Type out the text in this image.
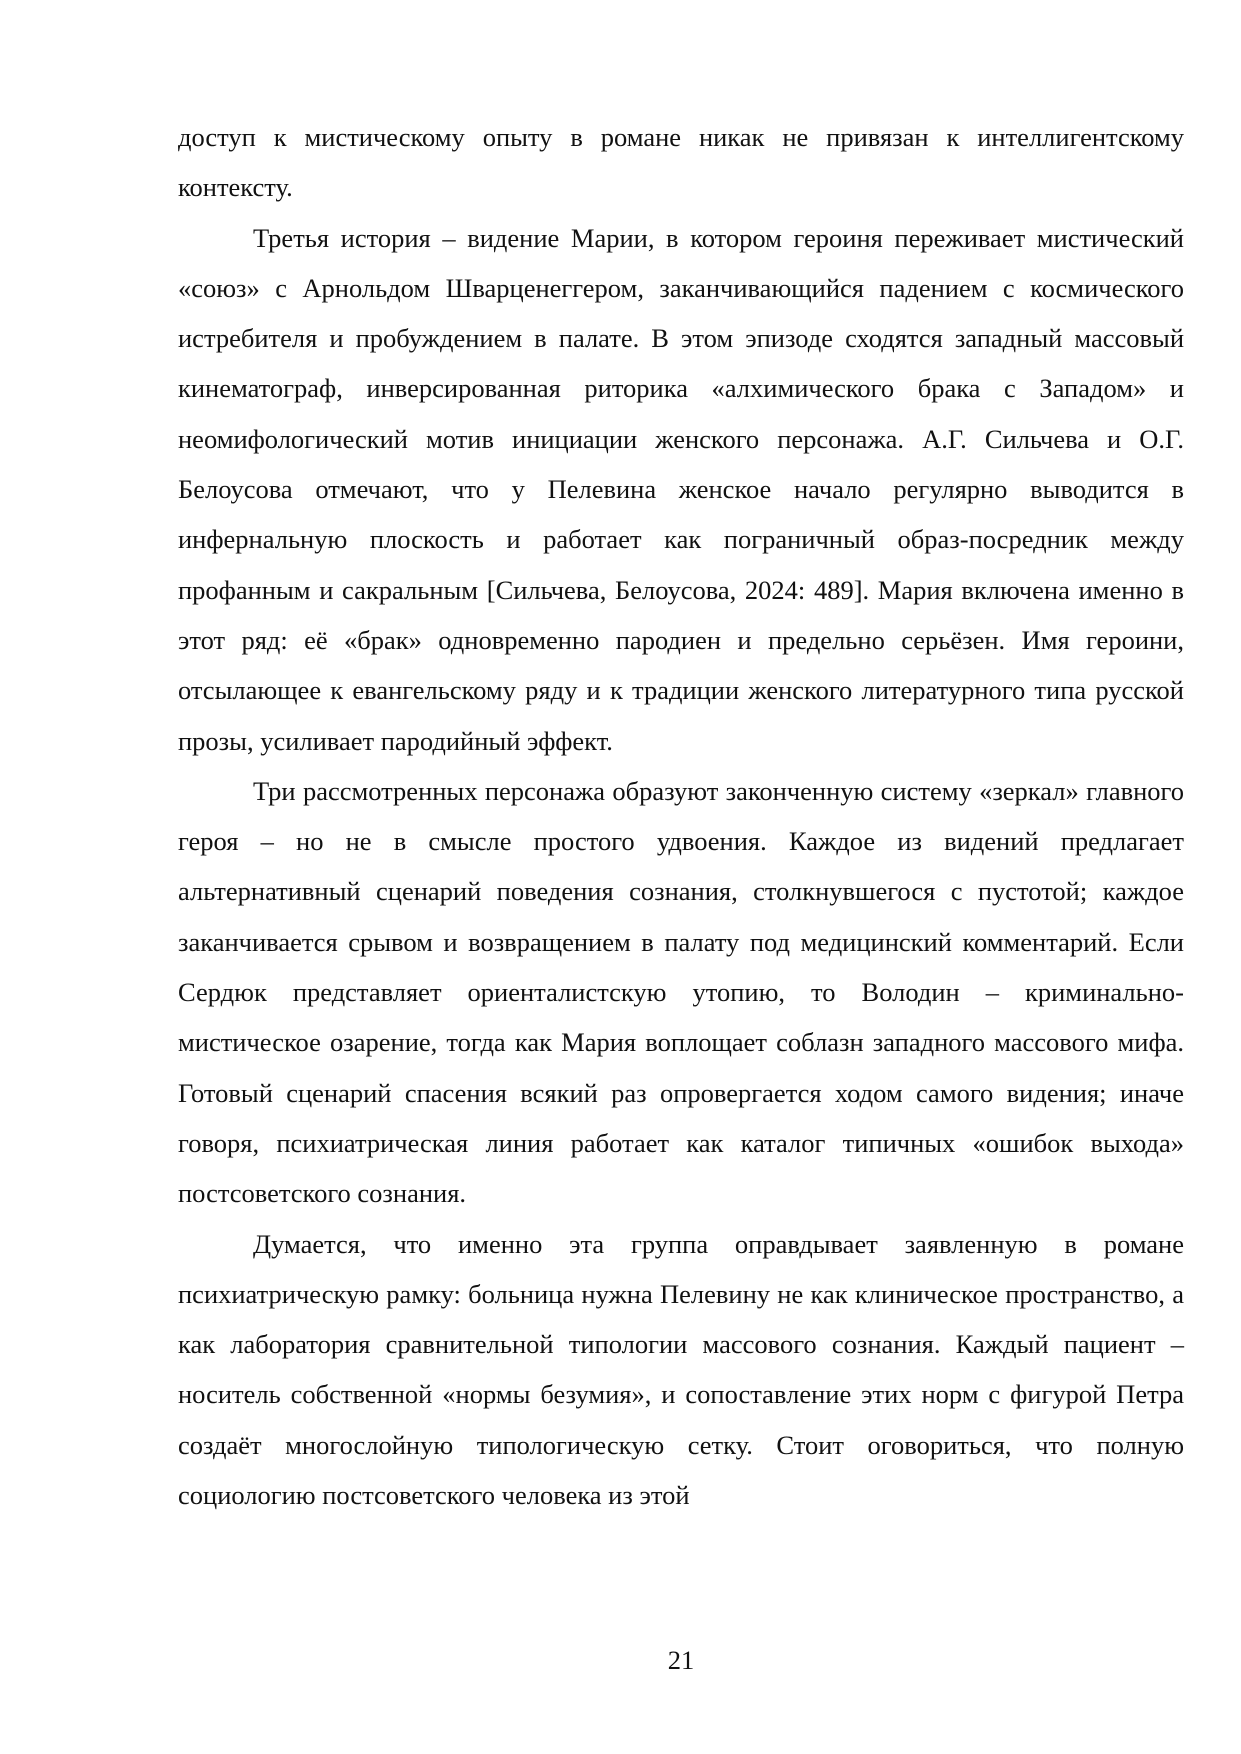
доступ к мистическому опыту в романе никак не привязан к интеллигентскому контексту.

Третья история – видение Марии, в котором героиня переживает мистический «союз» с Арнольдом Шварценеггером, заканчивающийся падением с космического истребителя и пробуждением в палате. В этом эпизоде сходятся западный массовый кинематограф, инверсированная риторика «алхимического брака с Западом» и неомифологический мотив инициации женского персонажа. А.Г. Сильчева и О.Г. Белоусова отмечают, что у Пелевина женское начало регулярно выводится в инфернальную плоскость и работает как пограничный образ-посредник между профанным и сакральным [Сильчева, Белоусова, 2024: 489]. Мария включена именно в этот ряд: её «брак» одновременно пародиен и предельно серьёзен. Имя героини, отсылающее к евангельскому ряду и к традиции женского литературного типа русской прозы, усиливает пародийный эффект.

Три рассмотренных персонажа образуют законченную систему «зеркал» главного героя – но не в смысле простого удвоения. Каждое из видений предлагает альтернативный сценарий поведения сознания, столкнувшегося с пустотой; каждое заканчивается срывом и возвращением в палату под медицинский комментарий. Если Сердюк представляет ориенталистскую утопию, то Володин – криминально-мистическое озарение, тогда как Мария воплощает соблазн западного массового мифа. Готовый сценарий спасения всякий раз опровергается ходом самого видения; иначе говоря, психиатрическая линия работает как каталог типичных «ошибок выхода» постсоветского сознания.

Думается, что именно эта группа оправдывает заявленную в романе психиатрическую рамку: больница нужна Пелевину не как клиническое пространство, а как лаборатория сравнительной типологии массового сознания. Каждый пациент – носитель собственной «нормы безумия», и сопоставление этих норм с фигурой Петра создаёт многослойную типологическую сетку. Стоит оговориться, что полную социологию постсоветского человека из этой

21
